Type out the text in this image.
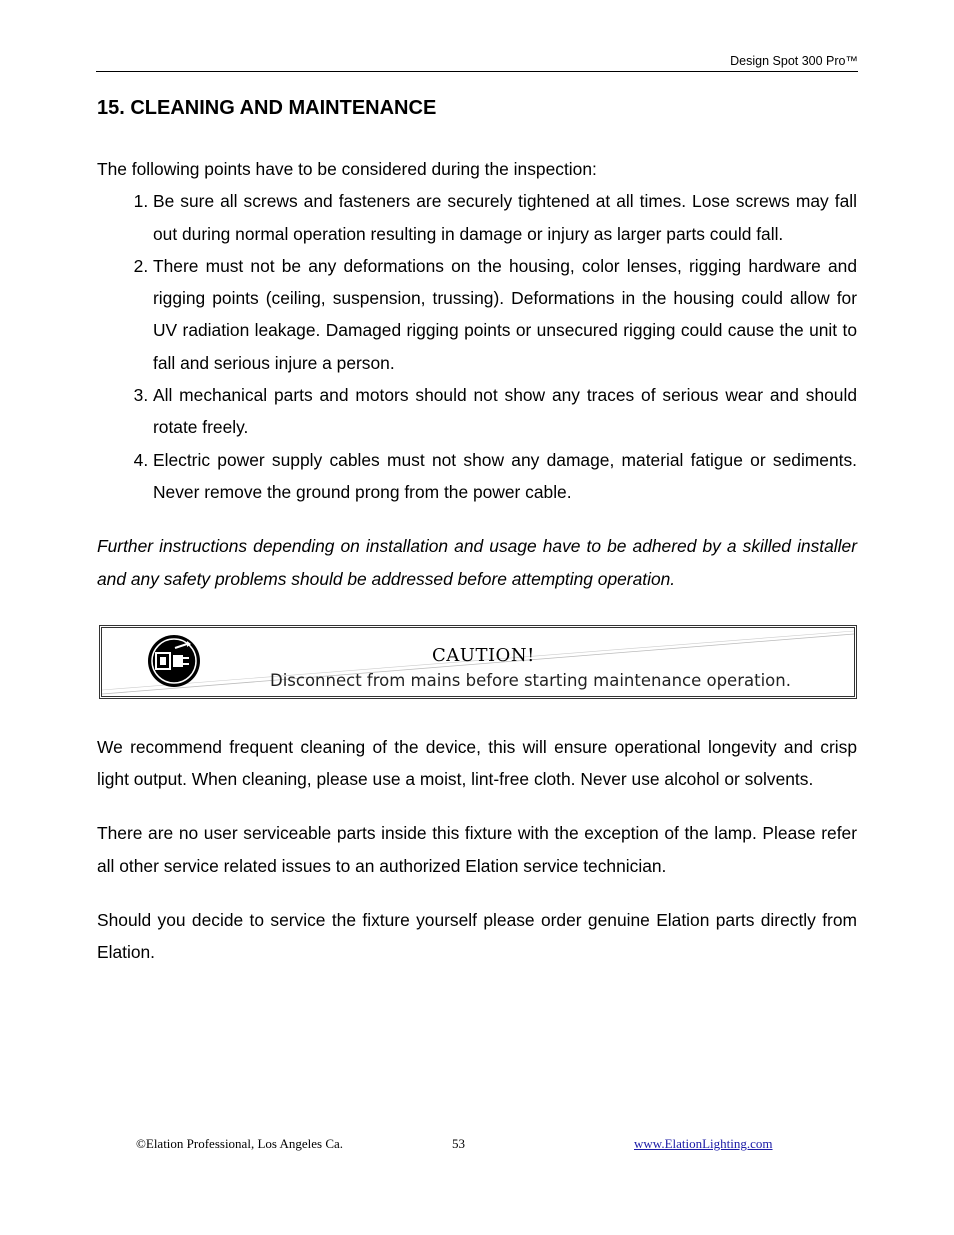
Design Spot 300 Pro™
15. CLEANING AND MAINTENANCE

The following points have to be considered during the inspection:

1. Be sure all screws and fasteners are securely tightened at all times. Lose screws may fall out during normal operation resulting in damage or injury as larger parts could fall.
2. There must not be any deformations on the housing, color lenses, rigging hardware and rigging points (ceiling, suspension, trussing). Deformations in the housing could allow for UV radiation leakage. Damaged rigging points or unsecured rigging could cause the unit to fall and serious injure a person.
3. All mechanical parts and motors should not show any traces of serious wear and should rotate freely.
4. Electric power supply cables must not show any damage, material fatigue or sediments. Never remove the ground prong from the power cable.

Further instructions depending on installation and usage have to be adhered by a skilled installer and any safety problems should be addressed before attempting operation.

CAUTION!
Disconnect from mains before starting maintenance operation.

We recommend frequent cleaning of the device, this will ensure operational longevity and crisp light output. When cleaning, please use a moist, lint-free cloth. Never use alcohol or solvents.

There are no user serviceable parts inside this fixture with the exception of the lamp. Please refer all other service related issues to an authorized Elation service technician.

Should you decide to service the fixture yourself please order genuine Elation parts directly from Elation.

©Elation Professional, Los Angeles Ca.	53	www.ElationLighting.com
